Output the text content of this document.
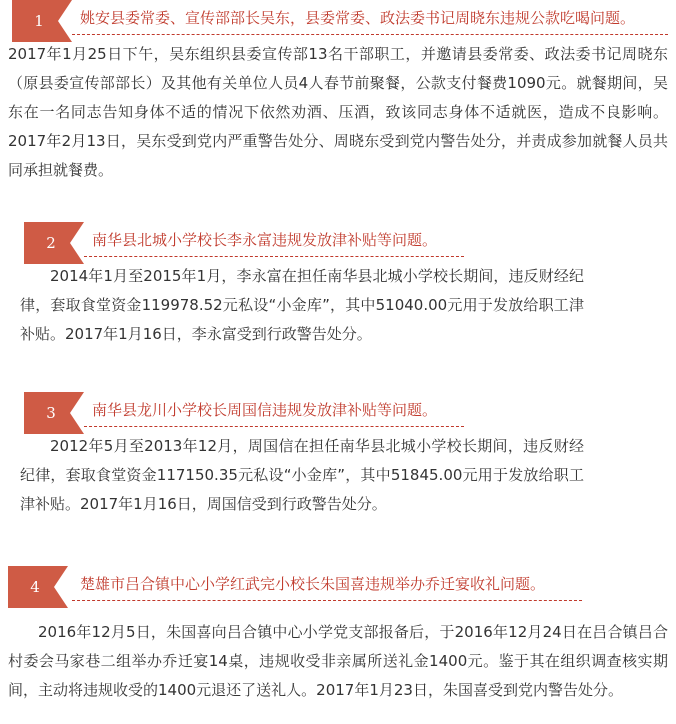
1	姚安县委常委、宣传部部长吴东，县委常委、政法委书记周晓东违规公款吃喝问题。

2017年1月25日下午，吴东组织县委宣传部13名干部职工，并邀请县委常委、政法委书记周晓东（原县委宣传部部长）及其他有关单位人员4人春节前聚餐，公款支付餐费1090元。就餐期间，吴东在一名同志告知身体不适的情况下依然劝酒、压酒，致该同志身体不适就医，造成不良影响。2017年2月13日，吴东受到党内严重警告处分、周晓东受到党内警告处分，并责成参加就餐人员共同承担就餐费。

2	南华县北城小学校长李永富违规发放津补贴等问题。

2014年1月至2015年1月，李永富在担任南华县北城小学校长期间，违反财经纪律，套取食堂资金119978.52元私设“小金库”，其中51040.00元用于发放给职工津补贴。2017年1月16日，李永富受到行政警告处分。

3	南华县龙川小学校长周国信违规发放津补贴等问题。

2012年5月至2013年12月，周国信在担任南华县北城小学校长期间，违反财经纪律，套取食堂资金117150.35元私设“小金库”，其中51845.00元用于发放给职工津补贴。2017年1月16日，周国信受到行政警告处分。

4	楚雄市吕合镇中心小学红武完小校长朱国喜违规举办乔迁宴收礼问题。

2016年12月5日，朱国喜向吕合镇中心小学党支部报备后，于2016年12月24日在吕合镇吕合村委会马家巷二组举办乔迁宴14桌，违规收受非亲属所送礼金1400元。鉴于其在组织调查核实期间，主动将违规收受的1400元退还了送礼人。2017年1月23日，朱国喜受到党内警告处分。
